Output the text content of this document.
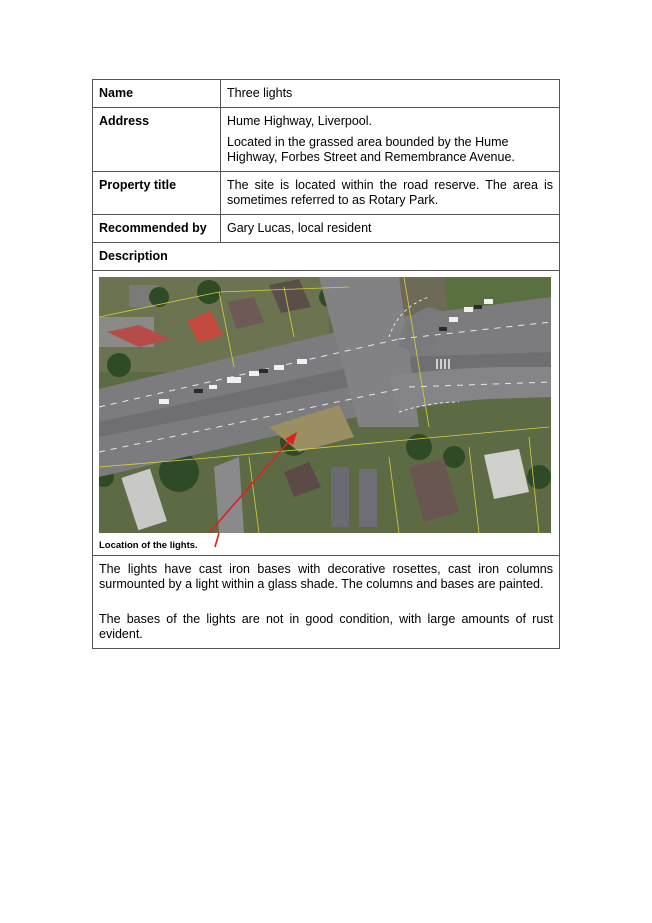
Name	Three lights
Address	Hume Highway, Liverpool.

Located in the grassed area bounded by the Hume Highway, Forbes Street and Remembrance Avenue.

Property title	The site is located within the road reserve. The area is sometimes referred to as Rotary Park.
Recommended by	Gary Lucas, local resident
Description	

Location of the lights.	

The lights have cast iron bases with decorative rosettes, cast iron columns surmounted by a light within a glass shade. The columns and bases are painted.

The bases of the lights are not in good condition, with large amounts of rust evident.	
